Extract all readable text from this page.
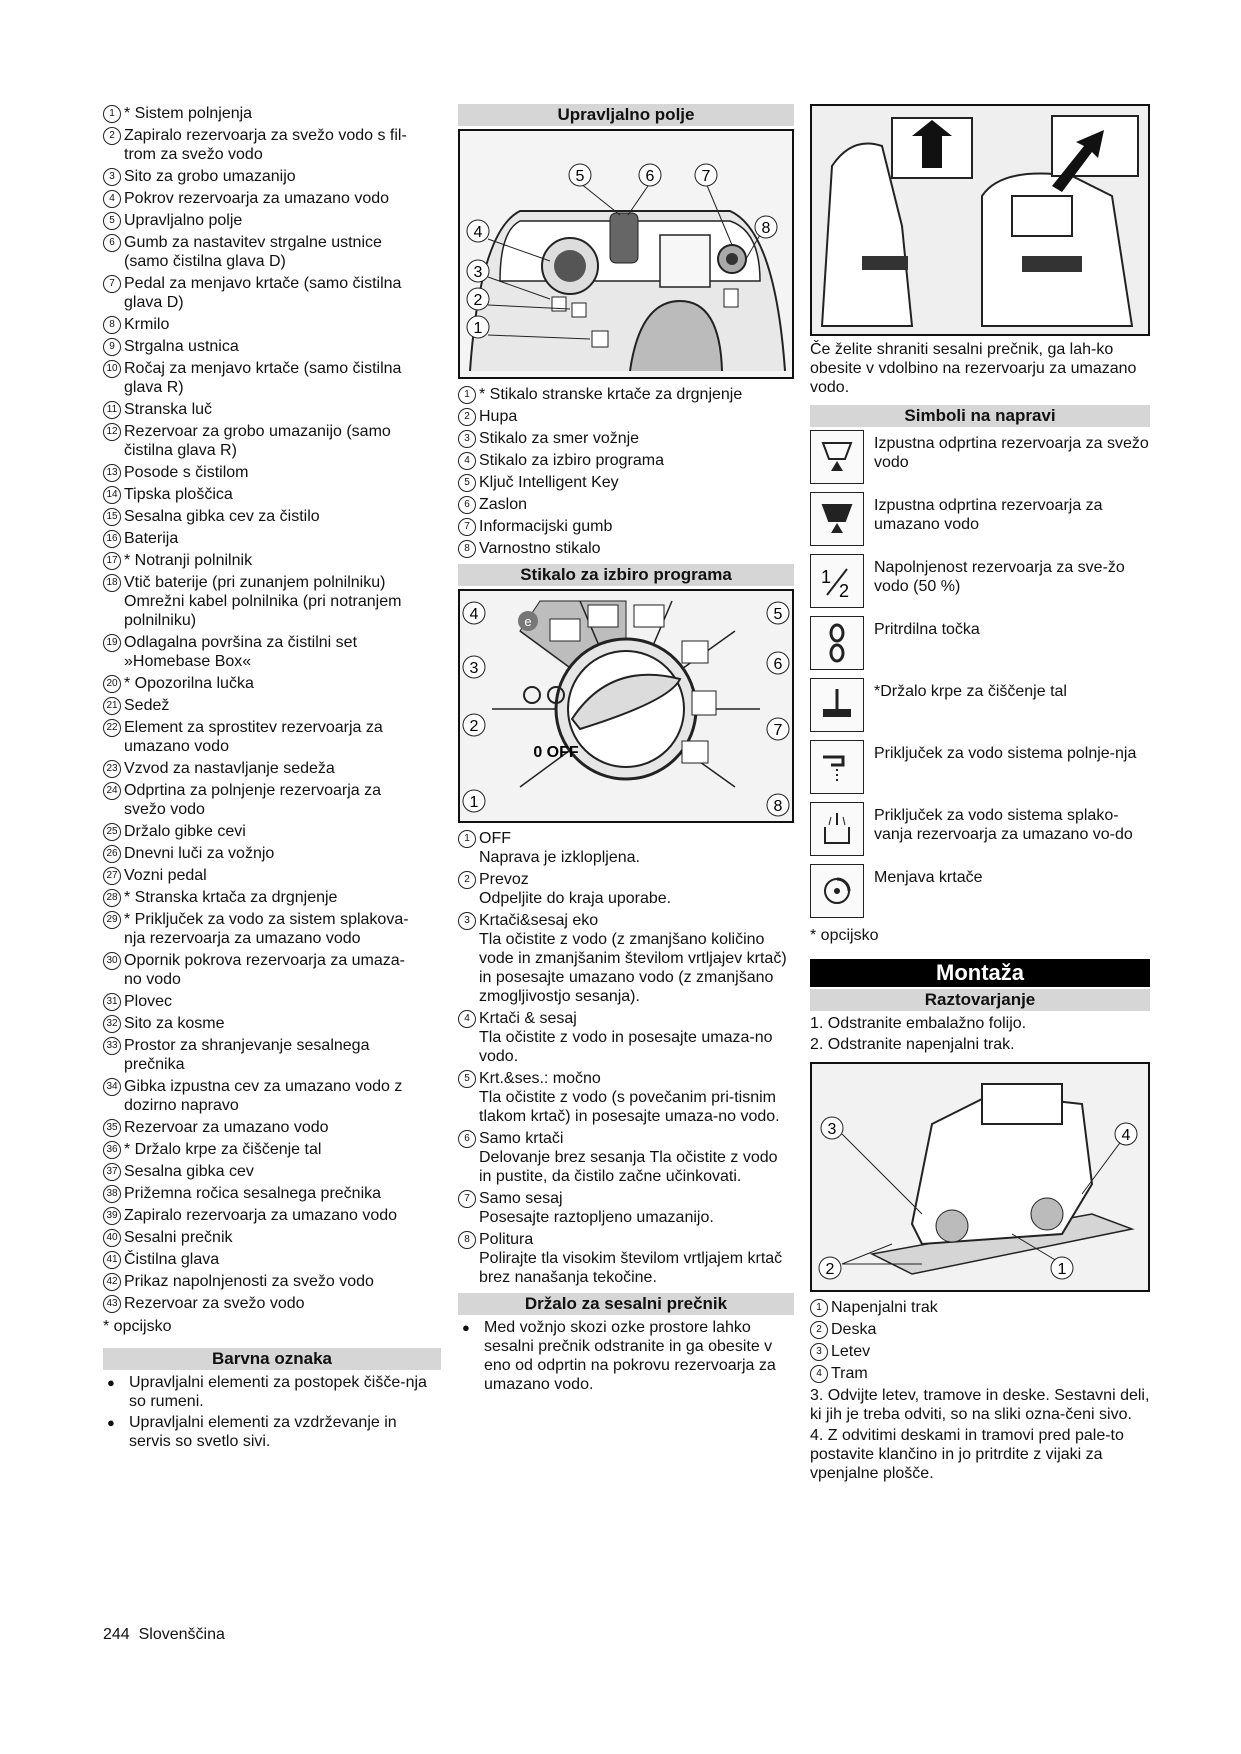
1 * Sistem polnjenja
2 Zapiralo rezervoarja za svežo vodo s fil-
trom za svežo vodo
3 Sito za grobo umazanijo
4 Pokrov rezervoarja za umazano vodo
5 Upravljalno polje
6 Gumb za nastavitev strgalne ustnice
(samo čistilna glava D)
7 Pedal za menjavo krtače (samo čistilna
glava D)
8 Krmilo
9 Strgalna ustnica
10 Ročaj za menjavo krtače (samo čistilna
glava R)
11 Stranska luč
12 Rezervoar za grobo umazanijo (samo
čistilna glava R)
13 Posode s čistilom
14 Tipska ploščica
15 Sesalna gibka cev za čistilo
16 Baterija
17 * Notranji polnilnik
18 Vtič baterije (pri zunanjem polnilniku)
Omrežni kabel polnilnika (pri notranjem
polnilniku)
19 Odlagalna površina za čistilni set
»Homebase Box«
20 * Opozorilna lučka
21 Sedež
22 Element za sprostitev rezervoarja za
umazano vodo
23 Vzvod za nastavljanje sedeža
24 Odprtina za polnjenje rezervoarja za
svežo vodo
25 Držalo gibke cevi
26 Dnevni luči za vožnjo
27 Vozni pedal
28 * Stranska krtača za drgnjenje
29 * Priključek za vodo za sistem splakova-
nja rezervoarja za umazano vodo
30 Opornik pokrova rezervoarja za umaza-
no vodo
31 Plovec
32 Sito za kosme
33 Prostor za shranjevanje sesalnega
prečnika
34 Gibka izpustna cev za umazano vodo z
dozirno napravo
35 Rezervoar za umazano vodo
36 * Držalo krpe za čiščenje tal
37 Sesalna gibka cev
38 Prižemna ročica sesalnega prečnika
39 Zapiralo rezervoarja za umazano vodo
40 Sesalni prečnik
41 Čistilna glava
42 Prikaz napolnjenosti za svežo vodo
43 Rezervoar za svežo vodo
* opcijsko
Barvna oznaka
● Upravljalni elementi za postopek čišče-nja so rumeni.
● Upravljalni elementi za vzdrževanje in servis so svetlo sivi.
Upravljalno polje
1
2
3
4
5	6	7
8
1 * Stikalo stranske krtače za drgnjenje
2 Hupa
3 Stikalo za smer vožnje
4 Stikalo za izbiro programa
5 Ključ Intelligent Key
6 Zaslon
7 Informacijski gumb
8 Varnostno stikalo
Stikalo za izbiro programa
e
0 OFF
1
2
3
4	5
6
7
8
1 OFF
Naprava je izklopljena.
2 Prevoz
Odpeljite do kraja uporabe.
3 Krtači&sesaj eko
Tla očistite z vodo (z zmanjšano količino vode in zmanjšanim številom vrtljajev krtač) in posesajte umazano vodo (z zmanjšano zmogljivostjo sesanja).
4 Krtači & sesaj
Tla očistite z vodo in posesajte umaza-no vodo.
5 Krt.&ses.: močno
Tla očistite z vodo (s povečanim pri-tisnim tlakom krtač) in posesajte umaza-no vodo.
6 Samo krtači
Delovanje brez sesanja Tla očistite z vodo in pustite, da čistilo začne učinkovati.
7 Samo sesaj
Posesajte raztopljeno umazanijo.
8 Politura
Polirajte tla visokim številom vrtljajem krtač brez nanašanja tekočine.
Držalo za sesalni prečnik
● Med vožnjo skozi ozke prostore lahko sesalni prečnik odstranite in ga obesite v eno od odprtin na pokrovu rezervoarja za umazano vodo.
Če želite shraniti sesalni prečnik, ga lah-ko obesite v vdolbino na rezervoarju za umazano vodo.
Simboli na napravi
Izpustna odprtina rezervoarja za svežo vodo
Izpustna odprtina rezervoarja za umazano vodo
1
2
Napolnjenost rezervoarja za sve-žo vodo (50 %)
Pritrdilna točka
*Držalo krpe za čiščenje tal
Priključek za vodo sistema polnje-nja
Priključek za vodo sistema splako-vanja rezervoarja za umazano vo-do
Menjava krtače
* opcijsko
Montaža
Raztovarjanje
1. Odstranite embalažno folijo.
2. Odstranite napenjalni trak.
1
2
3	4
1 Napenjalni trak
2 Deska
3 Letev
4 Tram
3. Odvijte letev, tramove in deske. Sestavni deli, ki jih je treba odviti, so na sliki ozna-čeni sivo.
4. Z odvitimi deskami in tramovi pred pale-to postavite klančino in jo pritrdite z vijaki za vpenjalne plošče.
244 Slovenščina
